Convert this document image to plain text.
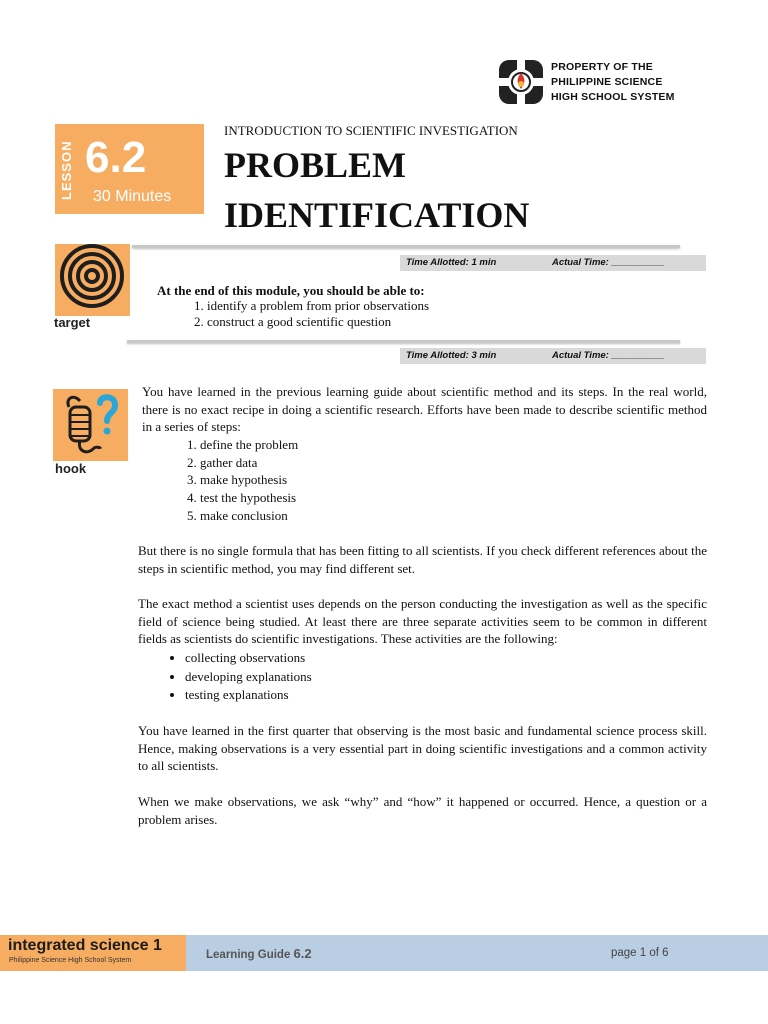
PROPERTY OF THE
PHILIPPINE SCIENCE
HIGH SCHOOL SYSTEM
LESSON 6.2
30 Minutes
INTRODUCTION TO SCIENTIFIC INVESTIGATION
PROBLEM
IDENTIFICATION
Time Allotted: 1 min	Actual Time: __________
target
At the end of this module, you should be able to:
1. identify a problem from prior observations
2. construct a good scientific question
Time Allotted: 3 min	Actual Time: __________
hook
You have learned in the previous learning guide about scientific method and its steps. In the real world, there is no exact recipe in doing a scientific research. Efforts have been made to describe scientific method in a series of steps:
1. define the problem
2. gather data
3. make hypothesis
4. test the hypothesis
5. make conclusion
But there is no single formula that has been fitting to all scientists. If you check different references about the steps in scientific method, you may find different set.
The exact method a scientist uses depends on the person conducting the investigation as well as the specific field of science being studied. At least there are three separate activities seem to be common in different fields as scientists do scientific investigations. These activities are the following:
• collecting observations
• developing explanations
• testing explanations
You have learned in the first quarter that observing is the most basic and fundamental science process skill. Hence, making observations is a very essential part in doing scientific investigations and a common activity to all scientists.
When we make observations, we ask “why” and “how” it happened or occurred. Hence, a question or a problem arises.
integrated science 1
Philippine Science High School System	Learning Guide 6.2	page 1 of 6
